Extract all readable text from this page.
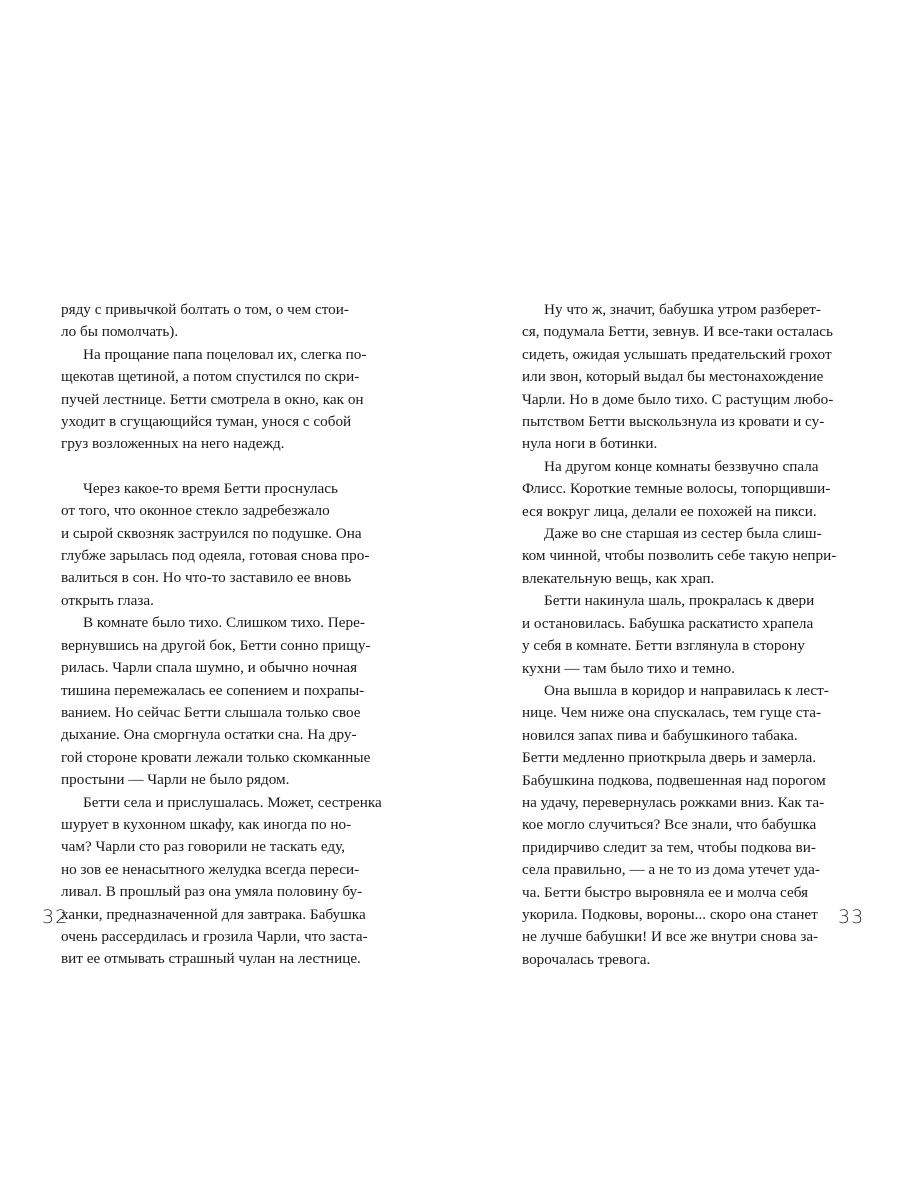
ряду с привычкой болтать о том, о чем стои-
ло бы помолчать).

На прощание папа поцеловал их, слегка по-
щекотав щетиной, а потом спустился по скри-
пучей лестнице. Бетти смотрела в окно, как он
уходит в сгущающийся туман, унося с собой
груз возложенных на него надежд.

Через какое-то время Бетти проснулась
от того, что оконное стекло задребезжало
и сырой сквозняк заструился по подушке. Она
глубже зарылась под одеяла, готовая снова про-
валиться в сон. Но что-то заставило ее вновь
открыть глаза.

В комнате было тихо. Слишком тихо. Пере-
вернувшись на другой бок, Бетти сонно прищу-
рилась. Чарли спала шумно, и обычно ночная
тишина перемежалась ее сопением и похрапы-
ванием. Но сейчас Бетти слышала только свое
дыхание. Она сморгнула остатки сна. На дру-
гой стороне кровати лежали только скомканные
простыни — Чарли не было рядом.

Бетти села и прислушалась. Может, сестренка
шурует в кухонном шкафу, как иногда по но-
чам? Чарли сто раз говорили не таскать еду,
но зов ее ненасытного желудка всегда переси-
ливал. В прошлый раз она умяла половину бу-
ханки, предназначенной для завтрака. Бабушка
очень рассердилась и грозила Чарли, что заста-
вит ее отмывать страшный чулан на лестнице.

Ну что ж, значит, бабушка утром разберет-
ся, подумала Бетти, зевнув. И все-таки осталась
сидеть, ожидая услышать предательский грохот
или звон, который выдал бы местонахождение
Чарли. Но в доме было тихо. С растущим любо-
пытством Бетти выскользнула из кровати и су-
нула ноги в ботинки.

На другом конце комнаты беззвучно спала
Флисс. Короткие темные волосы, топорщивши-
еся вокруг лица, делали ее похожей на пикси.

Даже во сне старшая из сестер была слиш-
ком чинной, чтобы позволить себе такую непри-
влекательную вещь, как храп.

Бетти накинула шаль, прокралась к двери
и остановилась. Бабушка раскатисто храпела
у себя в комнате. Бетти взглянула в сторону
кухни — там было тихо и темно.

Она вышла в коридор и направилась к лест-
нице. Чем ниже она спускалась, тем гуще ста-
новился запах пива и бабушкиного табака.
Бетти медленно приоткрыла дверь и замерла.
Бабушкина подкова, подвешенная над порогом
на удачу, перевернулась рожками вниз. Как та-
кое могло случиться? Все знали, что бабушка
придирчиво следит за тем, чтобы подкова ви-
села правильно, — а не то из дома утечет уда-
ча. Бетти быстро выровняла ее и молча себя
укорила. Подковы, вороны... скоро она станет
не лучше бабушки! И все же внутри снова за-
ворочалась тревога.

32	33
